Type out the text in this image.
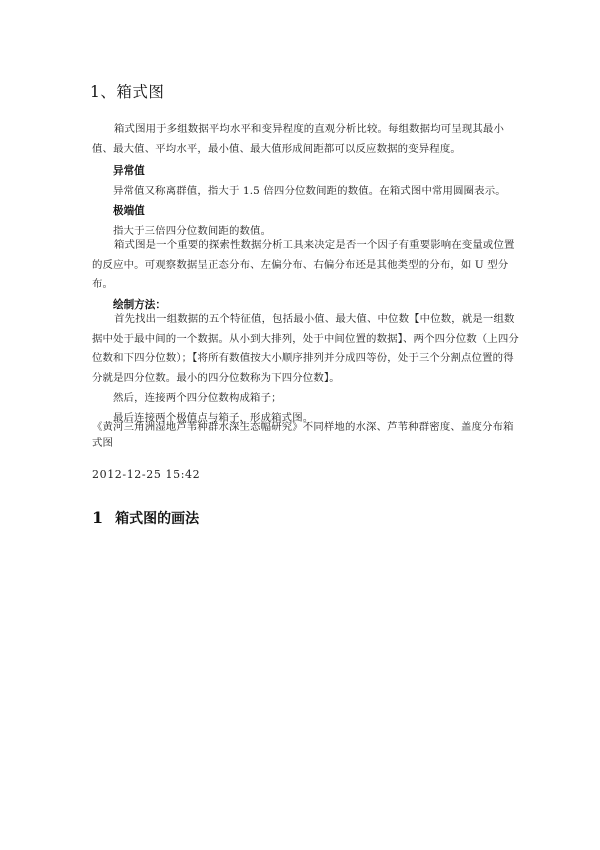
1、箱式图
箱式图用于多组数据平均水平和变异程度的直观分析比较。每组数据均可呈现其最小值、最大值、平均水平，最小值、最大值形成间距都可以反应数据的变异程度。
异常值
异常值又称离群值，指大于 1.5 倍四分位数间距的数值。在箱式图中常用圆圈表示。
极端值
指大于三倍四分位数间距的数值。
箱式图是一个重要的探索性数据分析工具来决定是否一个因子有重要影响在变量或位置的反应中。可观察数据呈正态分布、左偏分布、右偏分布还是其他类型的分布，如 U 型分布。
绘制方法：
首先找出一组数据的五个特征值，包括最小值、最大值、中位数【中位数，就是一组数据中处于最中间的一个数据。从小到大排列，处于中间位置的数据】、两个四分位数（上四分位数和下四分位数）；【将所有数值按大小顺序排列并分成四等份，处于三个分割点位置的得分就是四分位数。最小的四分位数称为下四分位数】。
然后，连接两个四分位数构成箱子；
最后连接两个极值点与箱子，形成箱式图。
《黄河三角洲湿地芦苇种群水深生态幅研究》不同样地的水深、芦苇种群密度、盖度分布箱式图
2012-12-25 15:42
1 箱式图的画法
